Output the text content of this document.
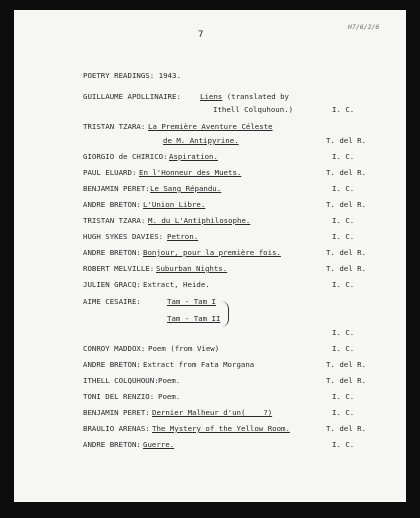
7
H7/6/2/6
POETRY READINGS: 1943.
GUILLAUME APOLLINAIRE:	Liens (translated by
Ithell Colquhoun.)	I. C.
TRISTAN TZARA: La Première Aventure Céleste
de M. Antipyrine.	T. del R.
GIORGIO de CHIRICO: Aspiration.	I. C.
PAUL ELUARD: En l'Honneur des Muets.	T. del R.
BENJAMIN PERET: Le Sang Répandu.	I. C.
ANDRE BRETON: L'Union Libre.	T. del R.
TRISTAN TZARA: M. du L'Antiphilosophe.	I. C.
HUGH SYKES DAVIES: Petron.	I. C.
ANDRE BRETON: Bonjour, pour la première fois.	T. del R.
ROBERT MELVILLE: Suburban Nights.	T. del R.
JULIEN GRACQ: Extract, Heide.	I. C.
AIME CESAIRE:	Tam - Tam I
Tam - Tam II
I. C.
CONROY MADDOX: Poem (from View)	I. C.
ANDRE BRETON: Extract from Fata Morgana	T. del R.
ITHELL COLQUHOUN: Poem.	T. del R.
TONI DEL RENZIO: Poem.	I. C.
BENJAMIN PERET: Dernier Malheur d'un(____?)	I. C.
BRAULIO ARENAS: The Mystery of the Yellow Room.	T. del R.
ANDRE BRETON: Guerre.	I. C.
